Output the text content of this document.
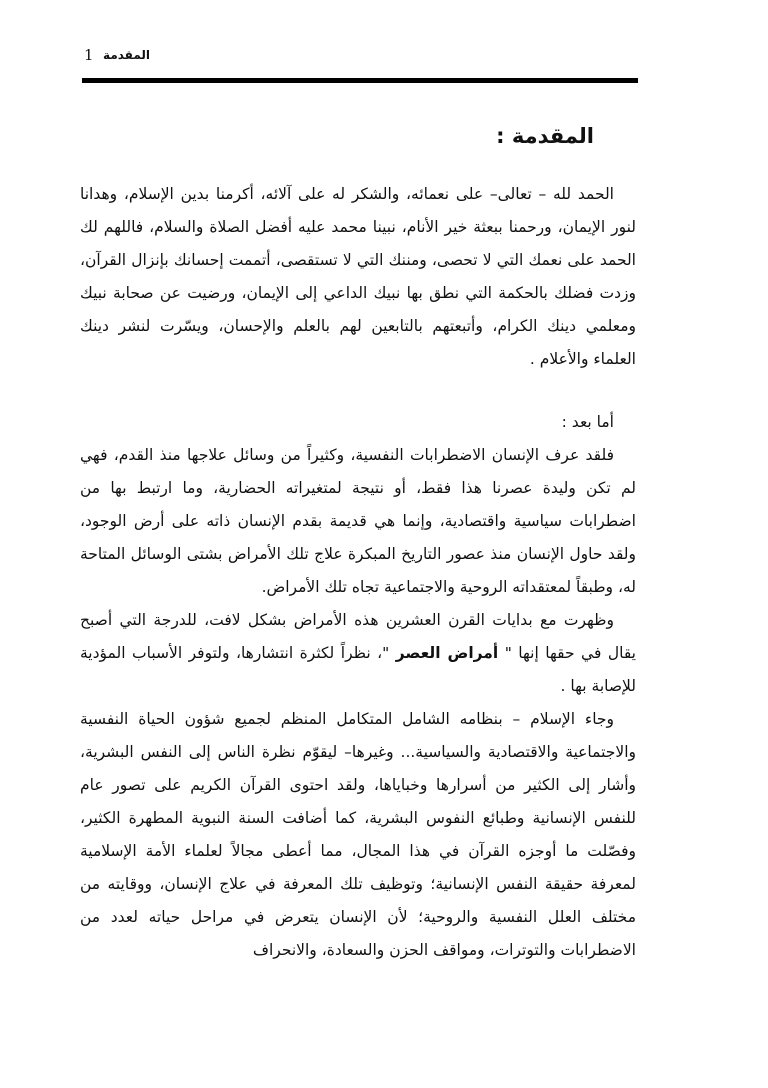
1 المقدمة
المقدمة :

الحمد لله – تعالى– على نعمائه، والشكر له على آلائه، أكرمنا بدين الإسلام، وهدانا لنور الإيمان، ورحمنا ببعثة خير الأنام، نبينا محمد عليه أفضل الصلاة والسلام، فاللهم لك الحمد على نعمك التي لا تحصى، ومننك التي لا تستقصى، أتممت إحسانك بإنزال القرآن، وزدت فضلك بالحكمة التي نطق بها نبيك الداعي إلى الإيمان، ورضيت عن صحابة نبيك ومعلمي دينك الكرام، وأتبعتهم بالتابعين لهم بالعلم والإحسان، ويسّرت لنشر دينك العلماء والأعلام .

أما بعد :

فلقد عرف الإنسان الاضطرابات النفسية، وكثيراً من وسائل علاجها منذ القدم، فهي لم تكن وليدة عصرنا هذا فقط، أو نتيجة لمتغيراته الحضارية، وما ارتبط بها من اضطرابات سياسية واقتصادية، وإنما هي قديمة بقدم الإنسان ذاته على أرض الوجود، ولقد حاول الإنسان منذ عصور التاريخ المبكرة علاج تلك الأمراض بشتى الوسائل المتاحة له، وطبقاً لمعتقداته الروحية والاجتماعية تجاه تلك الأمراض.

وظهرت مع بدايات القرن العشرين هذه الأمراض بشكل لافت، للدرجة التي أصبح يقال في حقها إنها " أمراض العصر "، نظراً لكثرة انتشارها، ولتوفر الأسباب المؤدية للإصابة بها .

وجاء الإسلام – بنظامه الشامل المتكامل المنظم لجميع شؤون الحياة النفسية والاجتماعية والاقتصادية والسياسية... وغيرها– ليقوّم نظرة الناس إلى النفس البشرية، وأشار إلى الكثير من أسرارها وخباياها، ولقد احتوى القرآن الكريم على تصور عام للنفس الإنسانية وطبائع النفوس البشرية، كما أضافت السنة النبوية المطهرة الكثير، وفصّلت ما أوجزه القرآن في هذا المجال، مما أعطى مجالاً لعلماء الأمة الإسلامية لمعرفة حقيقة النفس الإنسانية؛ وتوظيف تلك المعرفة في علاج الإنسان، ووقايته من مختلف العلل النفسية والروحية؛ لأن الإنسان يتعرض في مراحل حياته لعدد من الاضطرابات والتوترات، ومواقف الحزن والسعادة، والانحراف
